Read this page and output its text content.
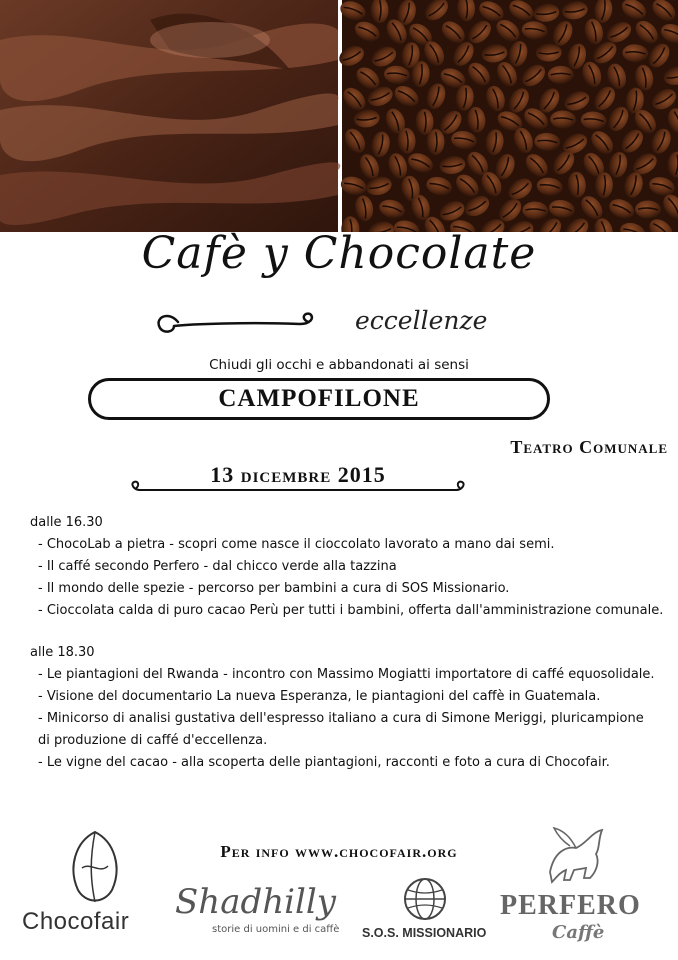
Cafè y Chocolate
eccellenze
Chiudi gli occhi e abbandonati ai sensi
CAMPOFILONE
Teatro Comunale
13 dicembre 2015
dalle 16.30
- ChocoLab a pietra - scopri come nasce il cioccolato lavorato a mano dai semi.
- Il caffé secondo Perfero - dal chicco verde alla tazzina
- Il mondo delle spezie - percorso per bambini a cura di SOS Missionario.
- Cioccolata calda di puro cacao Perù per tutti i bambini, offerta dall'amministrazione comunale.
alle 18.30
- Le piantagioni del Rwanda - incontro con Massimo Mogiatti importatore di caffé equosolidale.
- Visione del documentario La nueva Esperanza, le piantagioni del caffè in Guatemala.
- Minicorso di analisi gustativa dell'espresso italiano a cura di Simone Meriggi, pluricampione di produzione di caffé d'eccellenza.
- Le vigne del cacao - alla scoperta delle piantagioni, racconti e foto a cura di Chocofair.
Per info www.chocofair.org
Chocofair Shadhilly
storie di uomini e di caffè S.O.S. MISSIONARIO
PERFERO
Caffè
